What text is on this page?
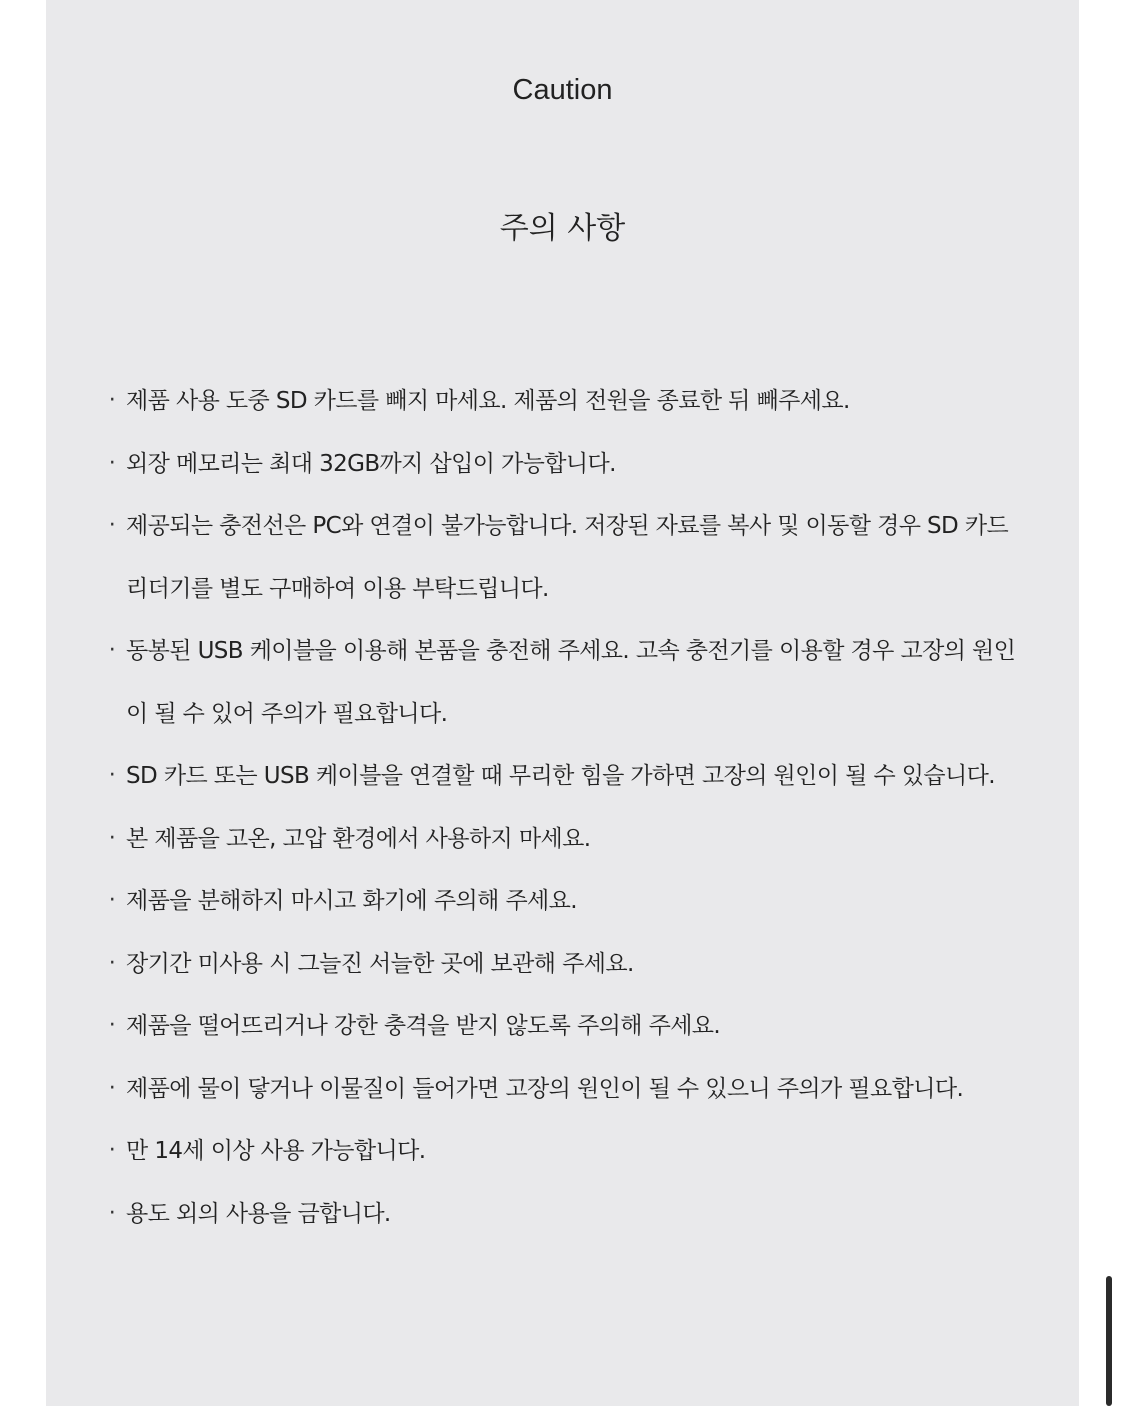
Caution
주의 사항
· 제품 사용 도중 SD 카드를 빼지 마세요. 제품의 전원을 종료한 뒤 빼주세요.
· 외장 메모리는 최대 32GB까지 삽입이 가능합니다.
· 제공되는 충전선은 PC와 연결이 불가능합니다. 저장된 자료를 복사 및 이동할 경우 SD 카드 리더기를 별도 구매하여 이용 부탁드립니다.
· 동봉된 USB 케이블을 이용해 본품을 충전해 주세요. 고속 충전기를 이용할 경우 고장의 원인이 될 수 있어 주의가 필요합니다.
· SD 카드 또는 USB 케이블을 연결할 때 무리한 힘을 가하면 고장의 원인이 될 수 있습니다.
· 본 제품을 고온, 고압 환경에서 사용하지 마세요.
· 제품을 분해하지 마시고 화기에 주의해 주세요.
· 장기간 미사용 시 그늘진 서늘한 곳에 보관해 주세요.
· 제품을 떨어뜨리거나 강한 충격을 받지 않도록 주의해 주세요.
· 제품에 물이 닿거나 이물질이 들어가면 고장의 원인이 될 수 있으니 주의가 필요합니다.
· 만 14세 이상 사용 가능합니다.
· 용도 외의 사용을 금합니다.
